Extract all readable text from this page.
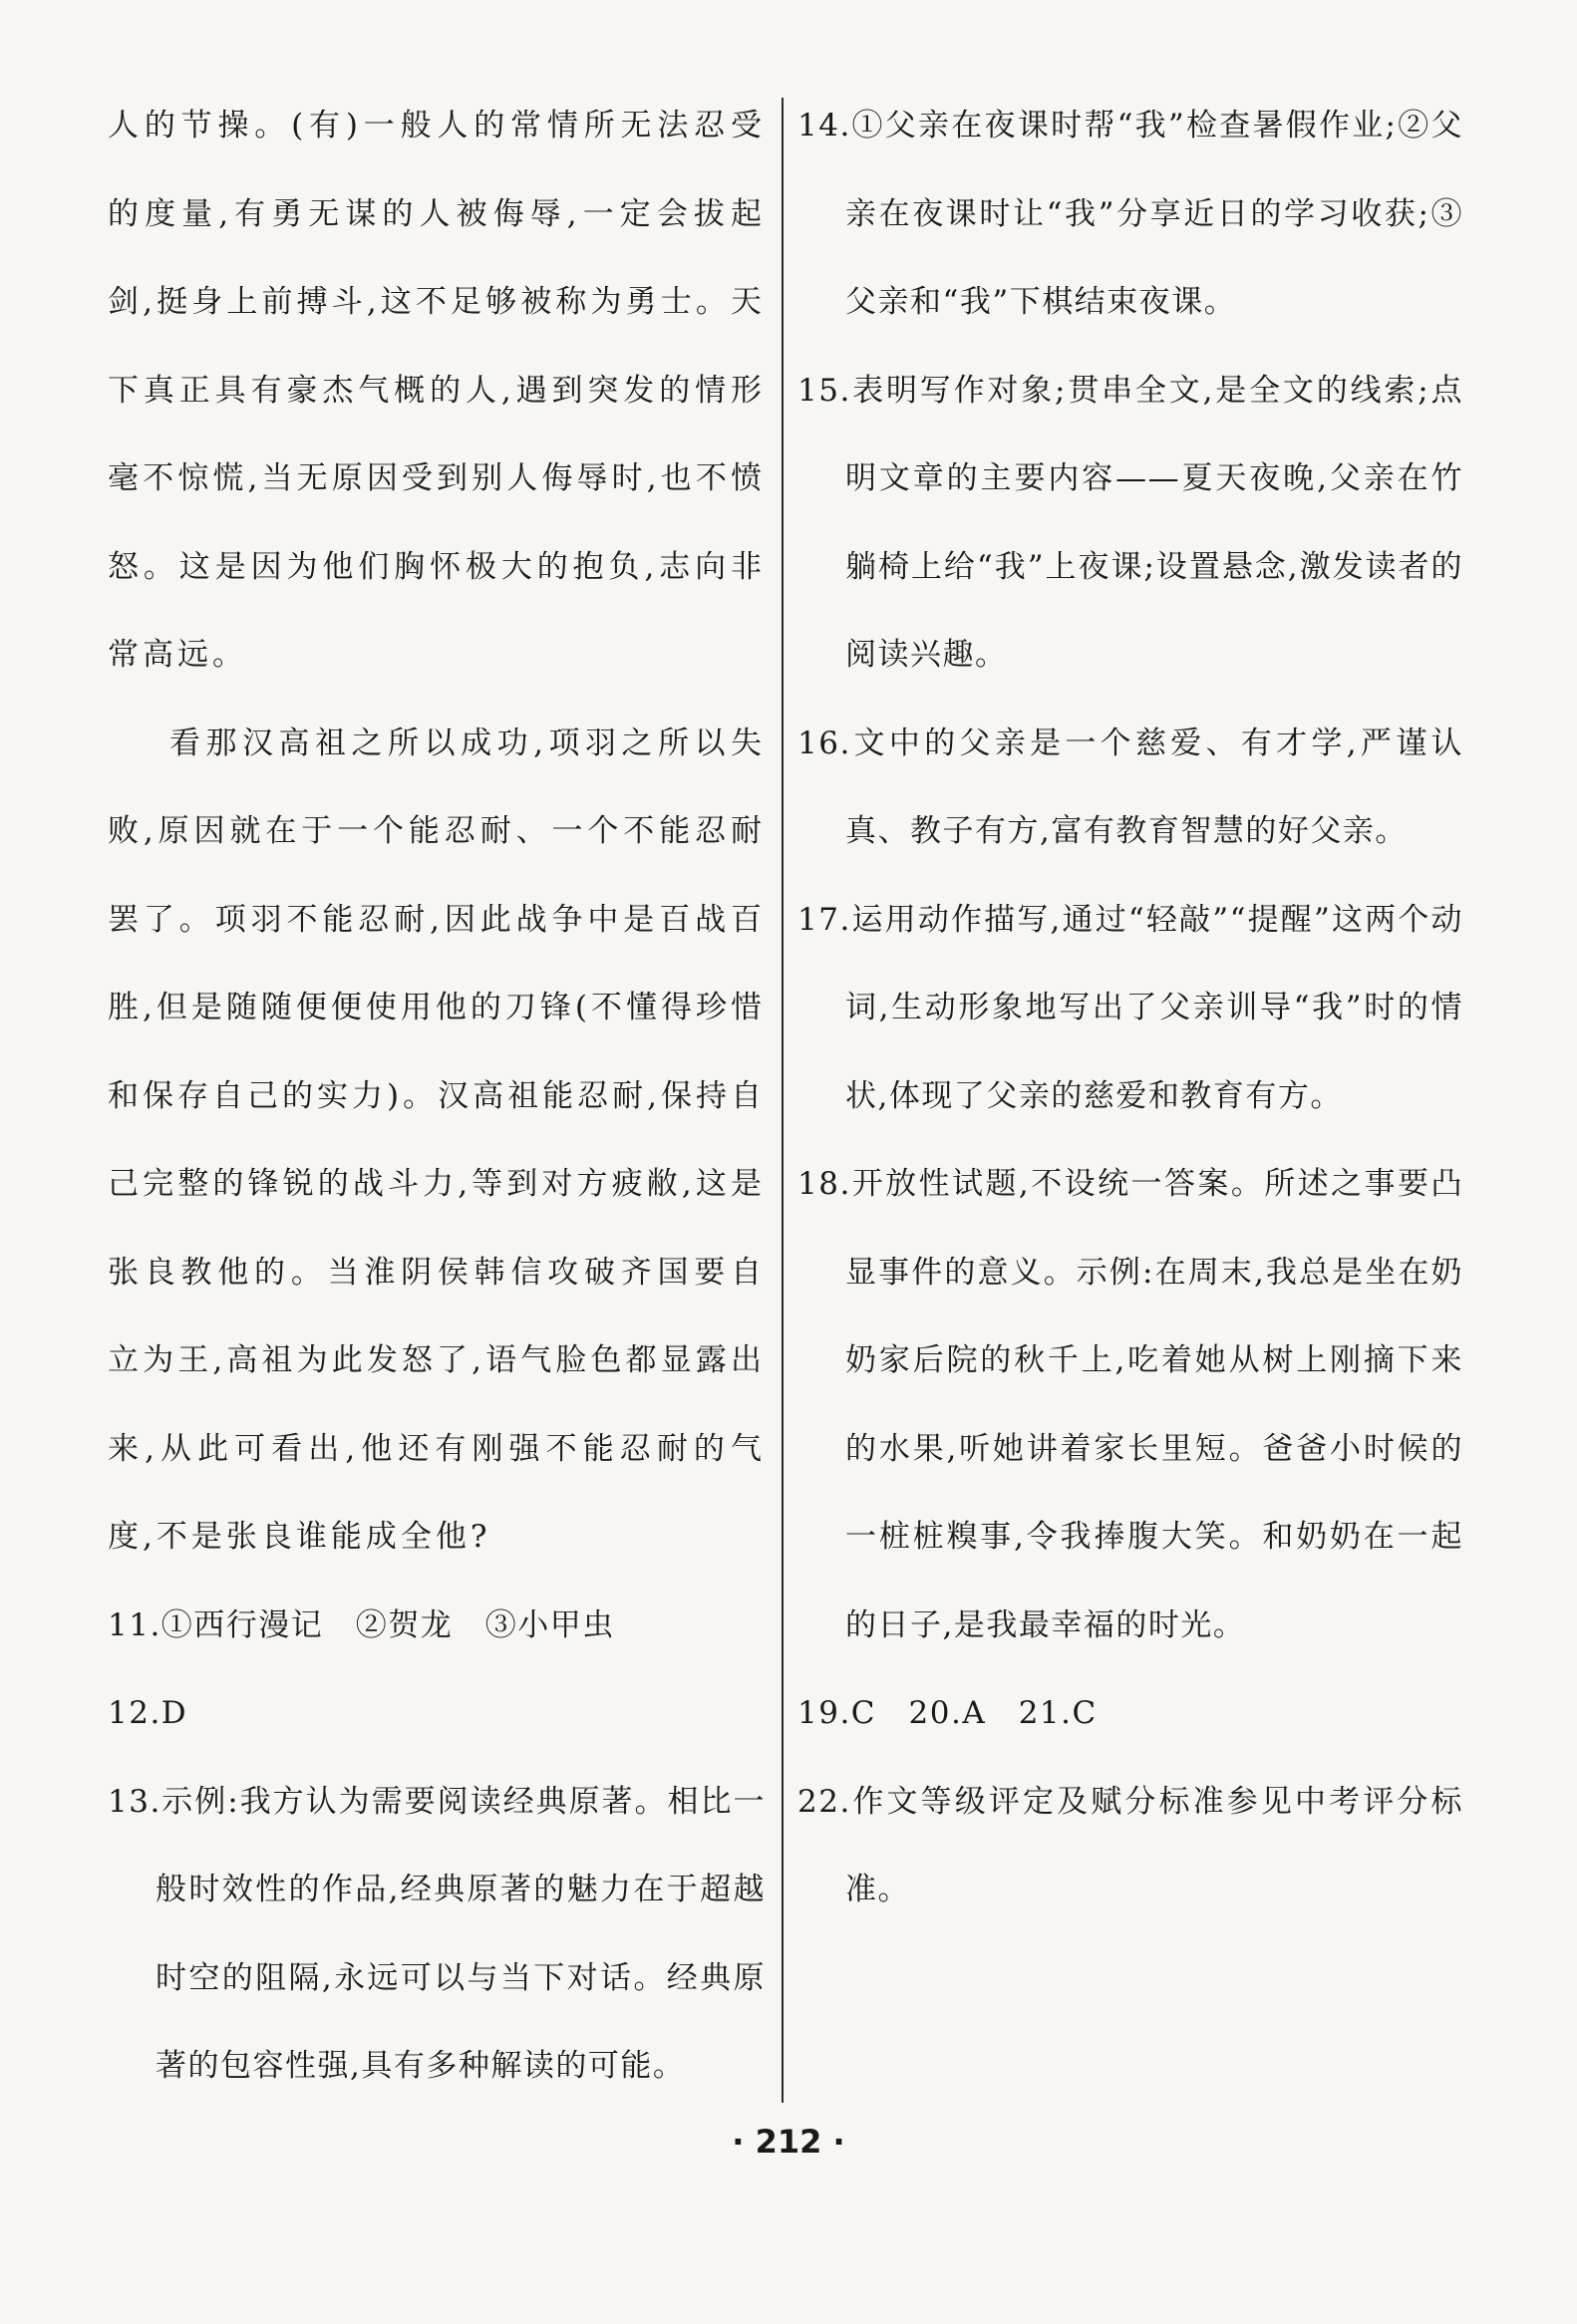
人的节操。(有)一般人的常情所无法忍受的度量,有勇无谋的人被侮辱,一定会拔起剑,挺身上前搏斗,这不足够被称为勇士。天下真正具有豪杰气概的人,遇到突发的情形毫不惊慌,当无原因受到别人侮辱时,也不愤怒。这是因为他们胸怀极大的抱负,志向非常高远。

看那汉高祖之所以成功,项羽之所以失败,原因就在于一个能忍耐、一个不能忍耐罢了。项羽不能忍耐,因此战争中是百战百胜,但是随随便便使用他的刀锋(不懂得珍惜和保存自己的实力)。汉高祖能忍耐,保持自己完整的锋锐的战斗力,等到对方疲敝,这是张良教他的。当淮阴侯韩信攻破齐国要自立为王,高祖为此发怒了,语气脸色都显露出来,从此可看出,他还有刚强不能忍耐的气度,不是张良谁能成全他?

11.①西行漫记　②贺龙　③小甲虫

12.D

13.示例:我方认为需要阅读经典原著。相比一般时效性的作品,经典原著的魅力在于超越时空的阻隔,永远可以与当下对话。经典原著的包容性强,具有多种解读的可能。

14.①父亲在夜课时帮“我”检查暑假作业;②父亲在夜课时让“我”分享近日的学习收获;③父亲和“我”下棋结束夜课。

15.表明写作对象;贯串全文,是全文的线索;点明文章的主要内容——夏天夜晚,父亲在竹躺椅上给“我”上夜课;设置悬念,激发读者的阅读兴趣。

16.文中的父亲是一个慈爱、有才学,严谨认真、教子有方,富有教育智慧的好父亲。

17.运用动作描写,通过“轻敲”“提醒”这两个动词,生动形象地写出了父亲训导“我”时的情状,体现了父亲的慈爱和教育有方。

18.开放性试题,不设统一答案。所述之事要凸显事件的意义。示例:在周末,我总是坐在奶奶家后院的秋千上,吃着她从树上刚摘下来的水果,听她讲着家长里短。爸爸小时候的一桩桩糗事,令我捧腹大笑。和奶奶在一起的日子,是我最幸福的时光。

19.C　20.A　21.C

22.作文等级评定及赋分标准参见中考评分标准。

· 212 ·
